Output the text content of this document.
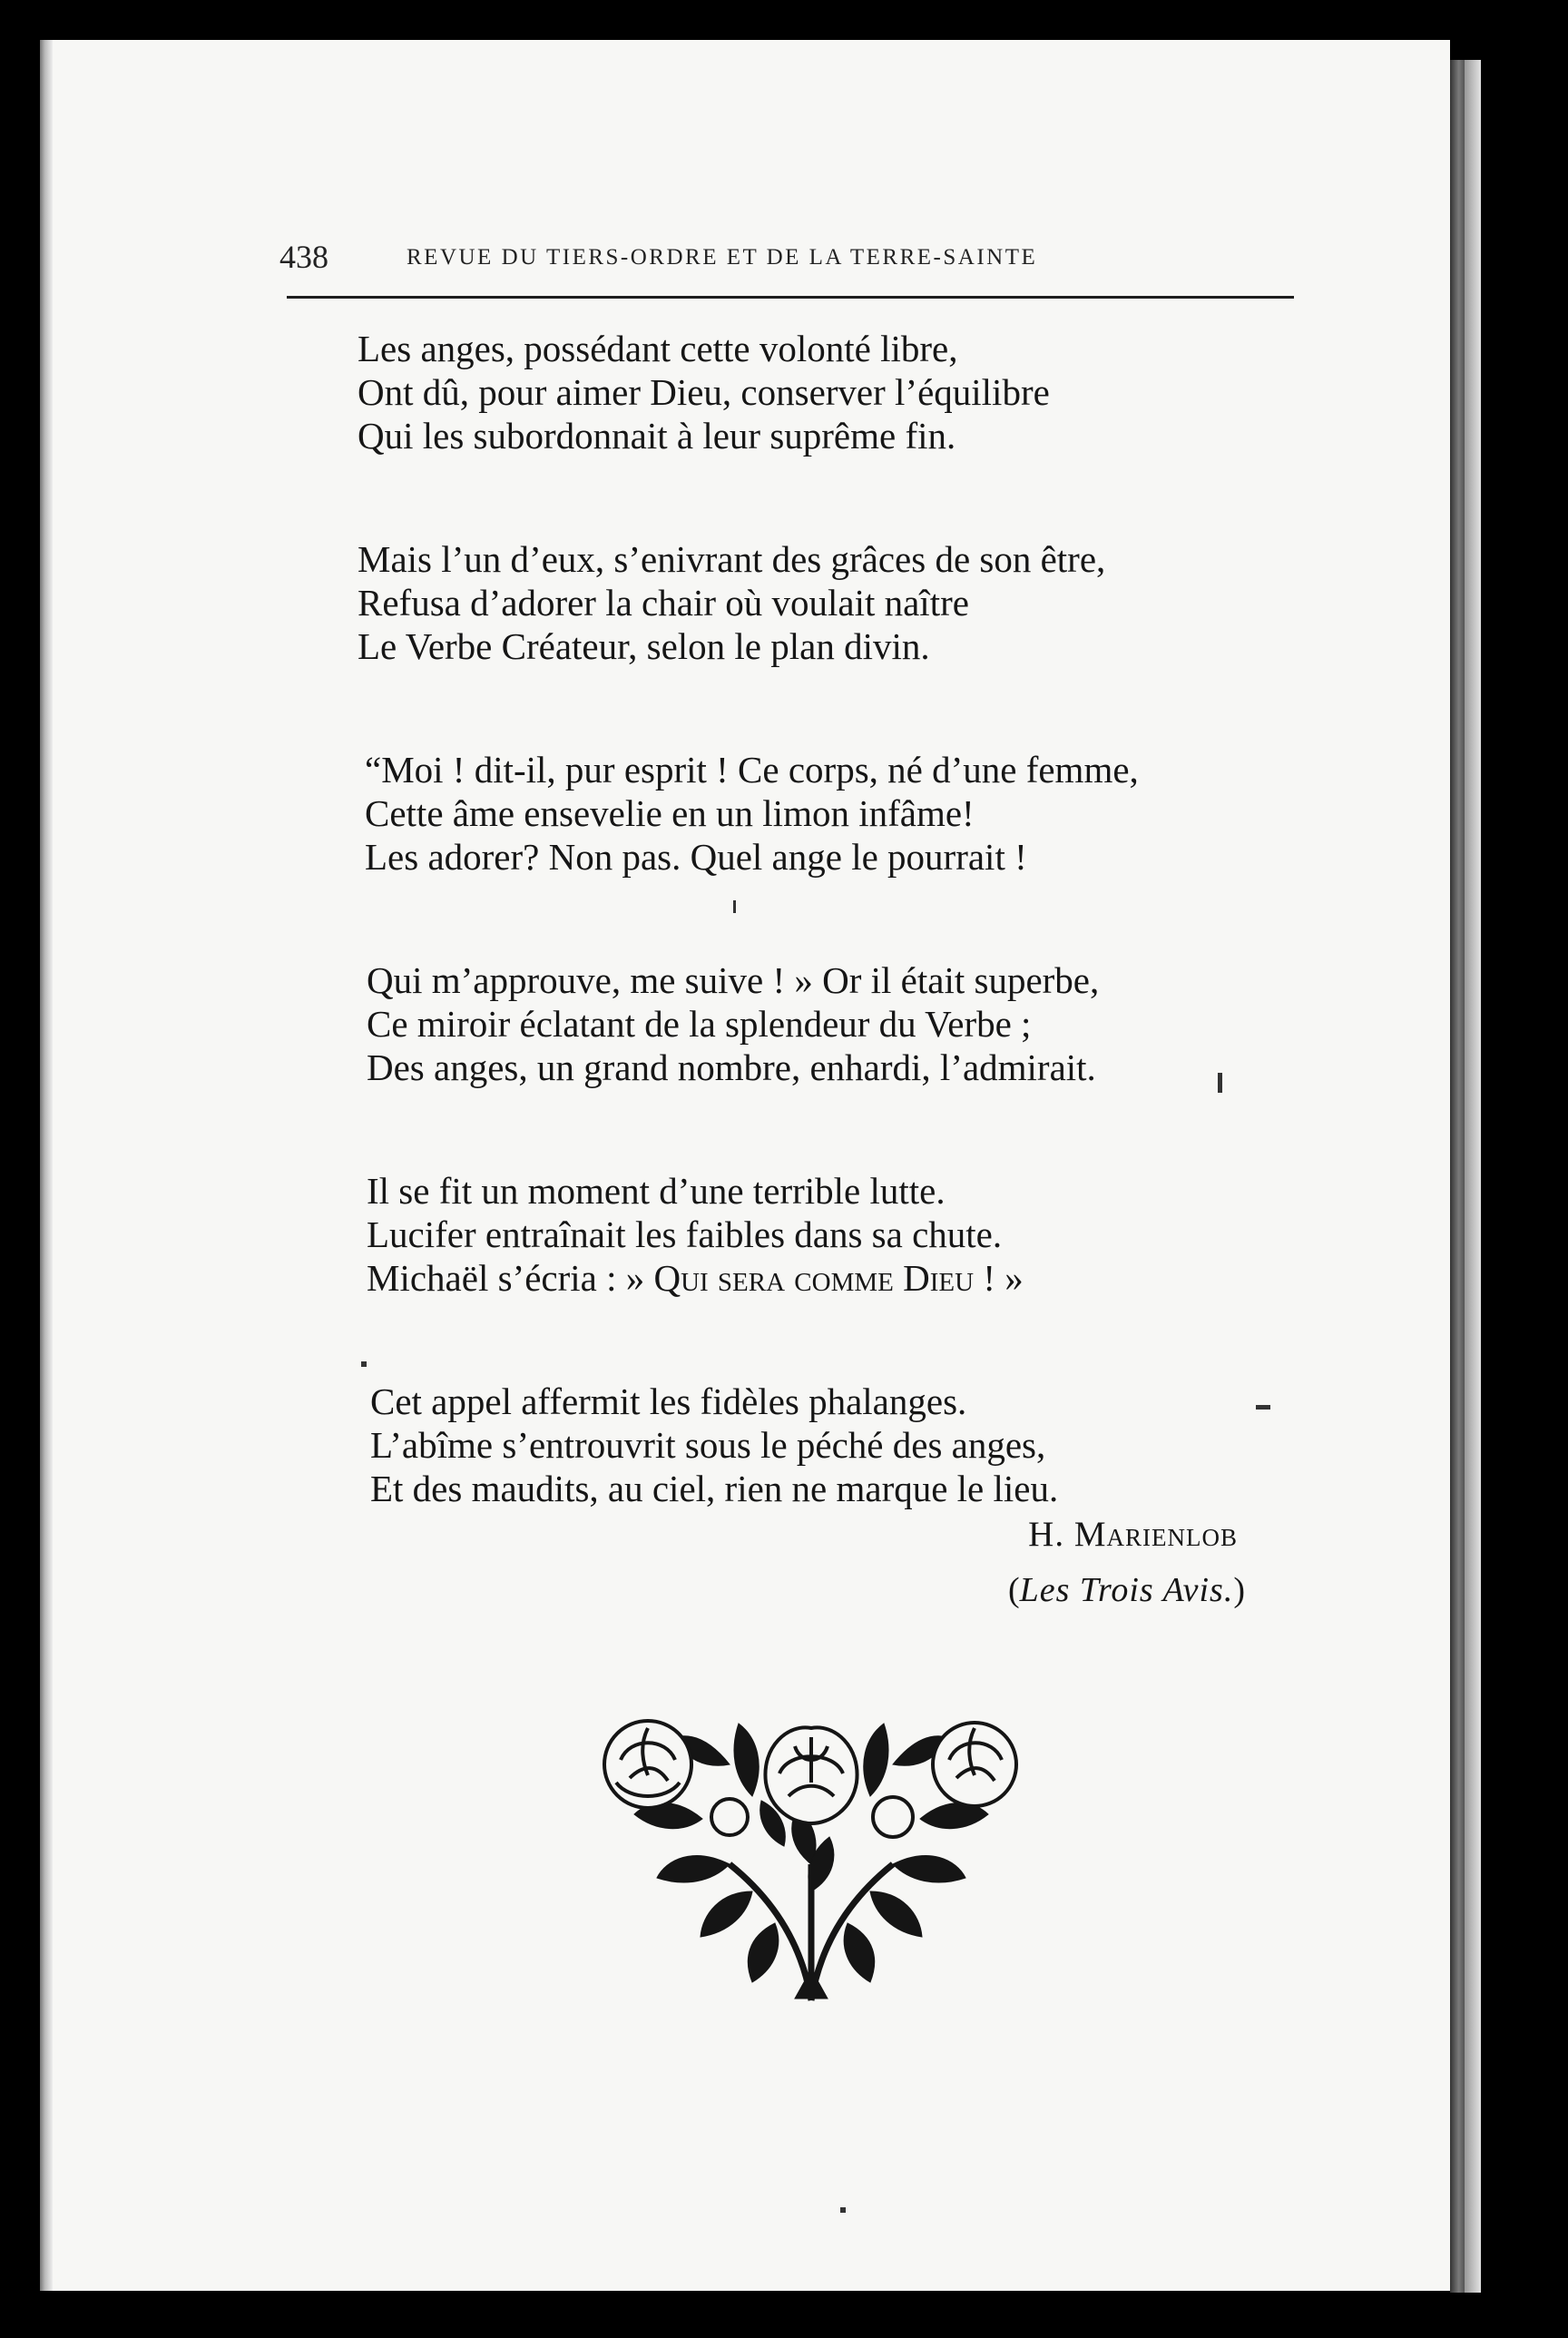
438	REVUE DU TIERS-ORDRE ET DE LA TERRE-SAINTE
Les anges, possédant cette volonté libre,
Ont dû, pour aimer Dieu, conserver l’équilibre
Qui les subordonnait à leur suprême fin.
Mais l’un d’eux, s’enivrant des grâces de son être,
Refusa d’adorer la chair où voulait naître
Le Verbe Créateur, selon le plan divin.
“Moi ! dit-il, pur esprit ! Ce corps, né d’une femme,
Cette âme ensevelie en un limon infâme!
Les adorer? Non pas. Quel ange le pourrait !
Qui m’approuve, me suive ! » Or il était superbe,
Ce miroir éclatant de la splendeur du Verbe ;
Des anges, un grand nombre, enhardi, l’admirait.
Il se fit un moment d’une terrible lutte.
Lucifer entraînait les faibles dans sa chute.
Michaël s’écria : » Qui sera comme Dieu ! »
Cet appel affermit les fidèles phalanges.
L’abîme s’entrouvrit sous le péché des anges,
Et des maudits, au ciel, rien ne marque le lieu.
H. Marienlob
(Les Trois Avis.)
